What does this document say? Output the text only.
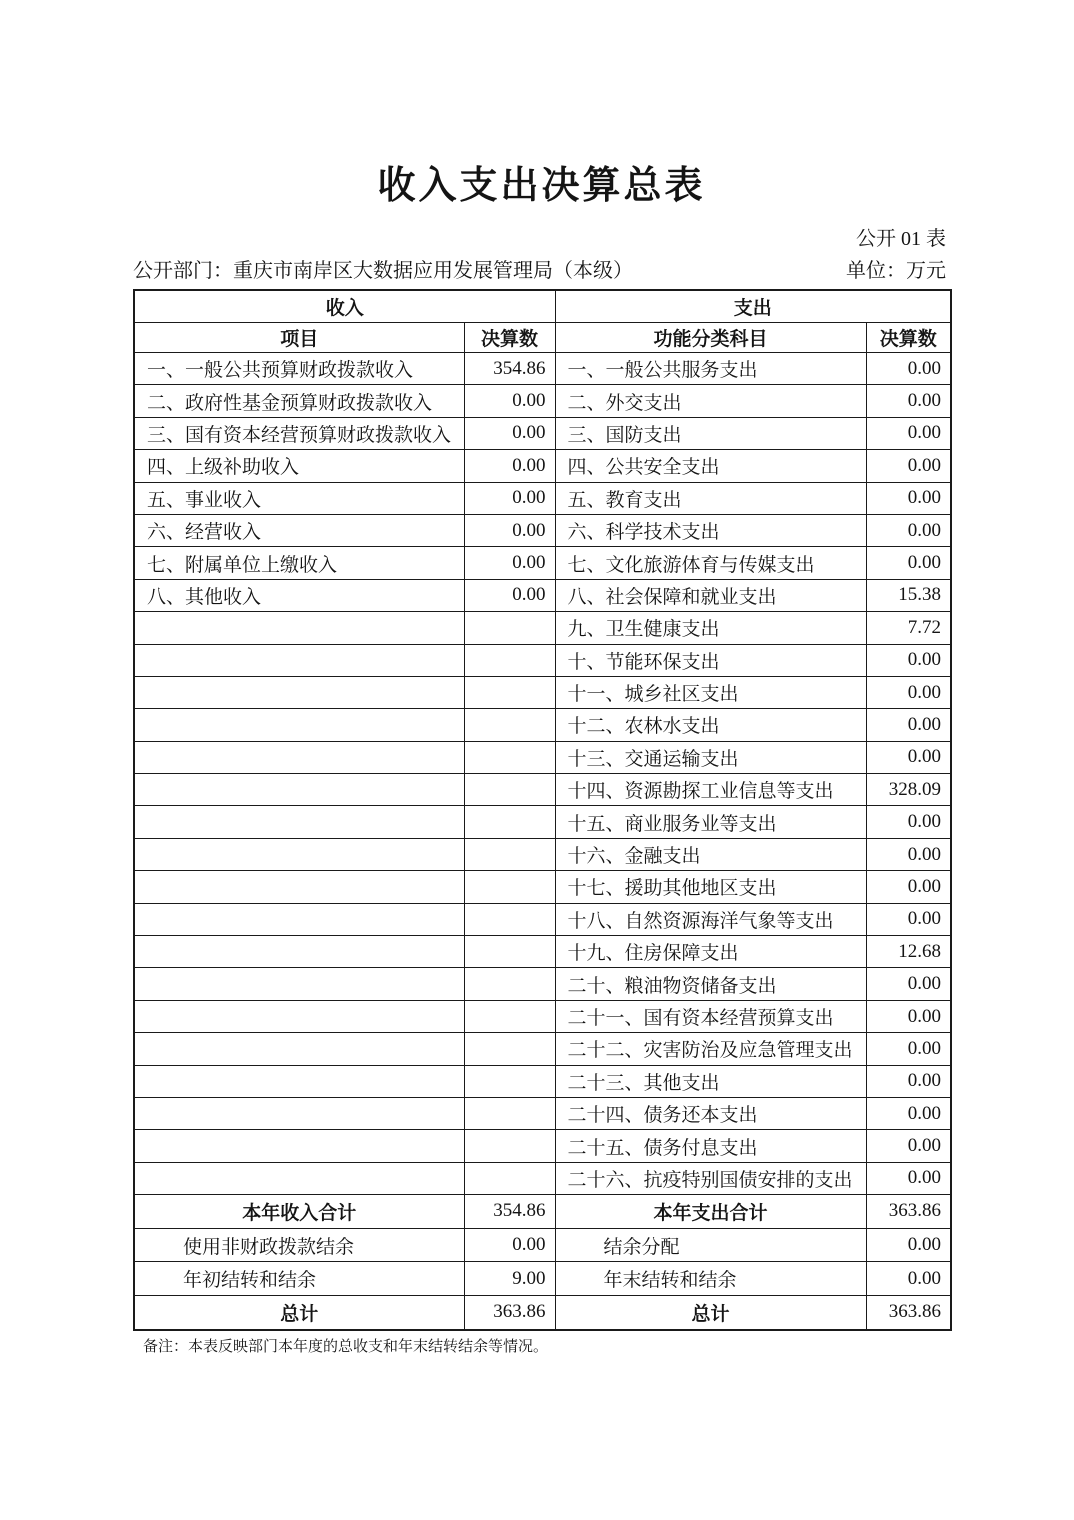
收入支出决算总表
公开 01 表
公开部门：重庆市南岸区大数据应用发展管理局（本级）	单位：万元
收入		支出	
项目	决算数	功能分类科目	决算数
一、一般公共预算财政拨款收入	354.86	一、一般公共服务支出	0.00
二、政府性基金预算财政拨款收入	0.00	二、外交支出	0.00
三、国有资本经营预算财政拨款收入	0.00	三、国防支出	0.00
四、上级补助收入	0.00	四、公共安全支出	0.00
五、事业收入	0.00	五、教育支出	0.00
六、经营收入	0.00	六、科学技术支出	0.00
七、附属单位上缴收入	0.00	七、文化旅游体育与传媒支出	0.00
八、其他收入	0.00	八、社会保障和就业支出	15.38
		九、卫生健康支出	7.72
		十、节能环保支出	0.00
		十一、城乡社区支出	0.00
		十二、农林水支出	0.00
		十三、交通运输支出	0.00
		十四、资源勘探工业信息等支出	328.09
		十五、商业服务业等支出	0.00
		十六、金融支出	0.00
		十七、援助其他地区支出	0.00
		十八、自然资源海洋气象等支出	0.00
		十九、住房保障支出	12.68
		二十、粮油物资储备支出	0.00
		二十一、国有资本经营预算支出	0.00
		二十二、灾害防治及应急管理支出	0.00
		二十三、其他支出	0.00
		二十四、债务还本支出	0.00
		二十五、债务付息支出	0.00
		二十六、抗疫特别国债安排的支出	0.00
本年收入合计	354.86	本年支出合计	363.86
使用非财政拨款结余	0.00	结余分配	0.00
年初结转和结余	9.00	年末结转和结余	0.00
总计	363.86	总计	363.86
备注：本表反映部门本年度的总收支和年末结转结余等情况。
